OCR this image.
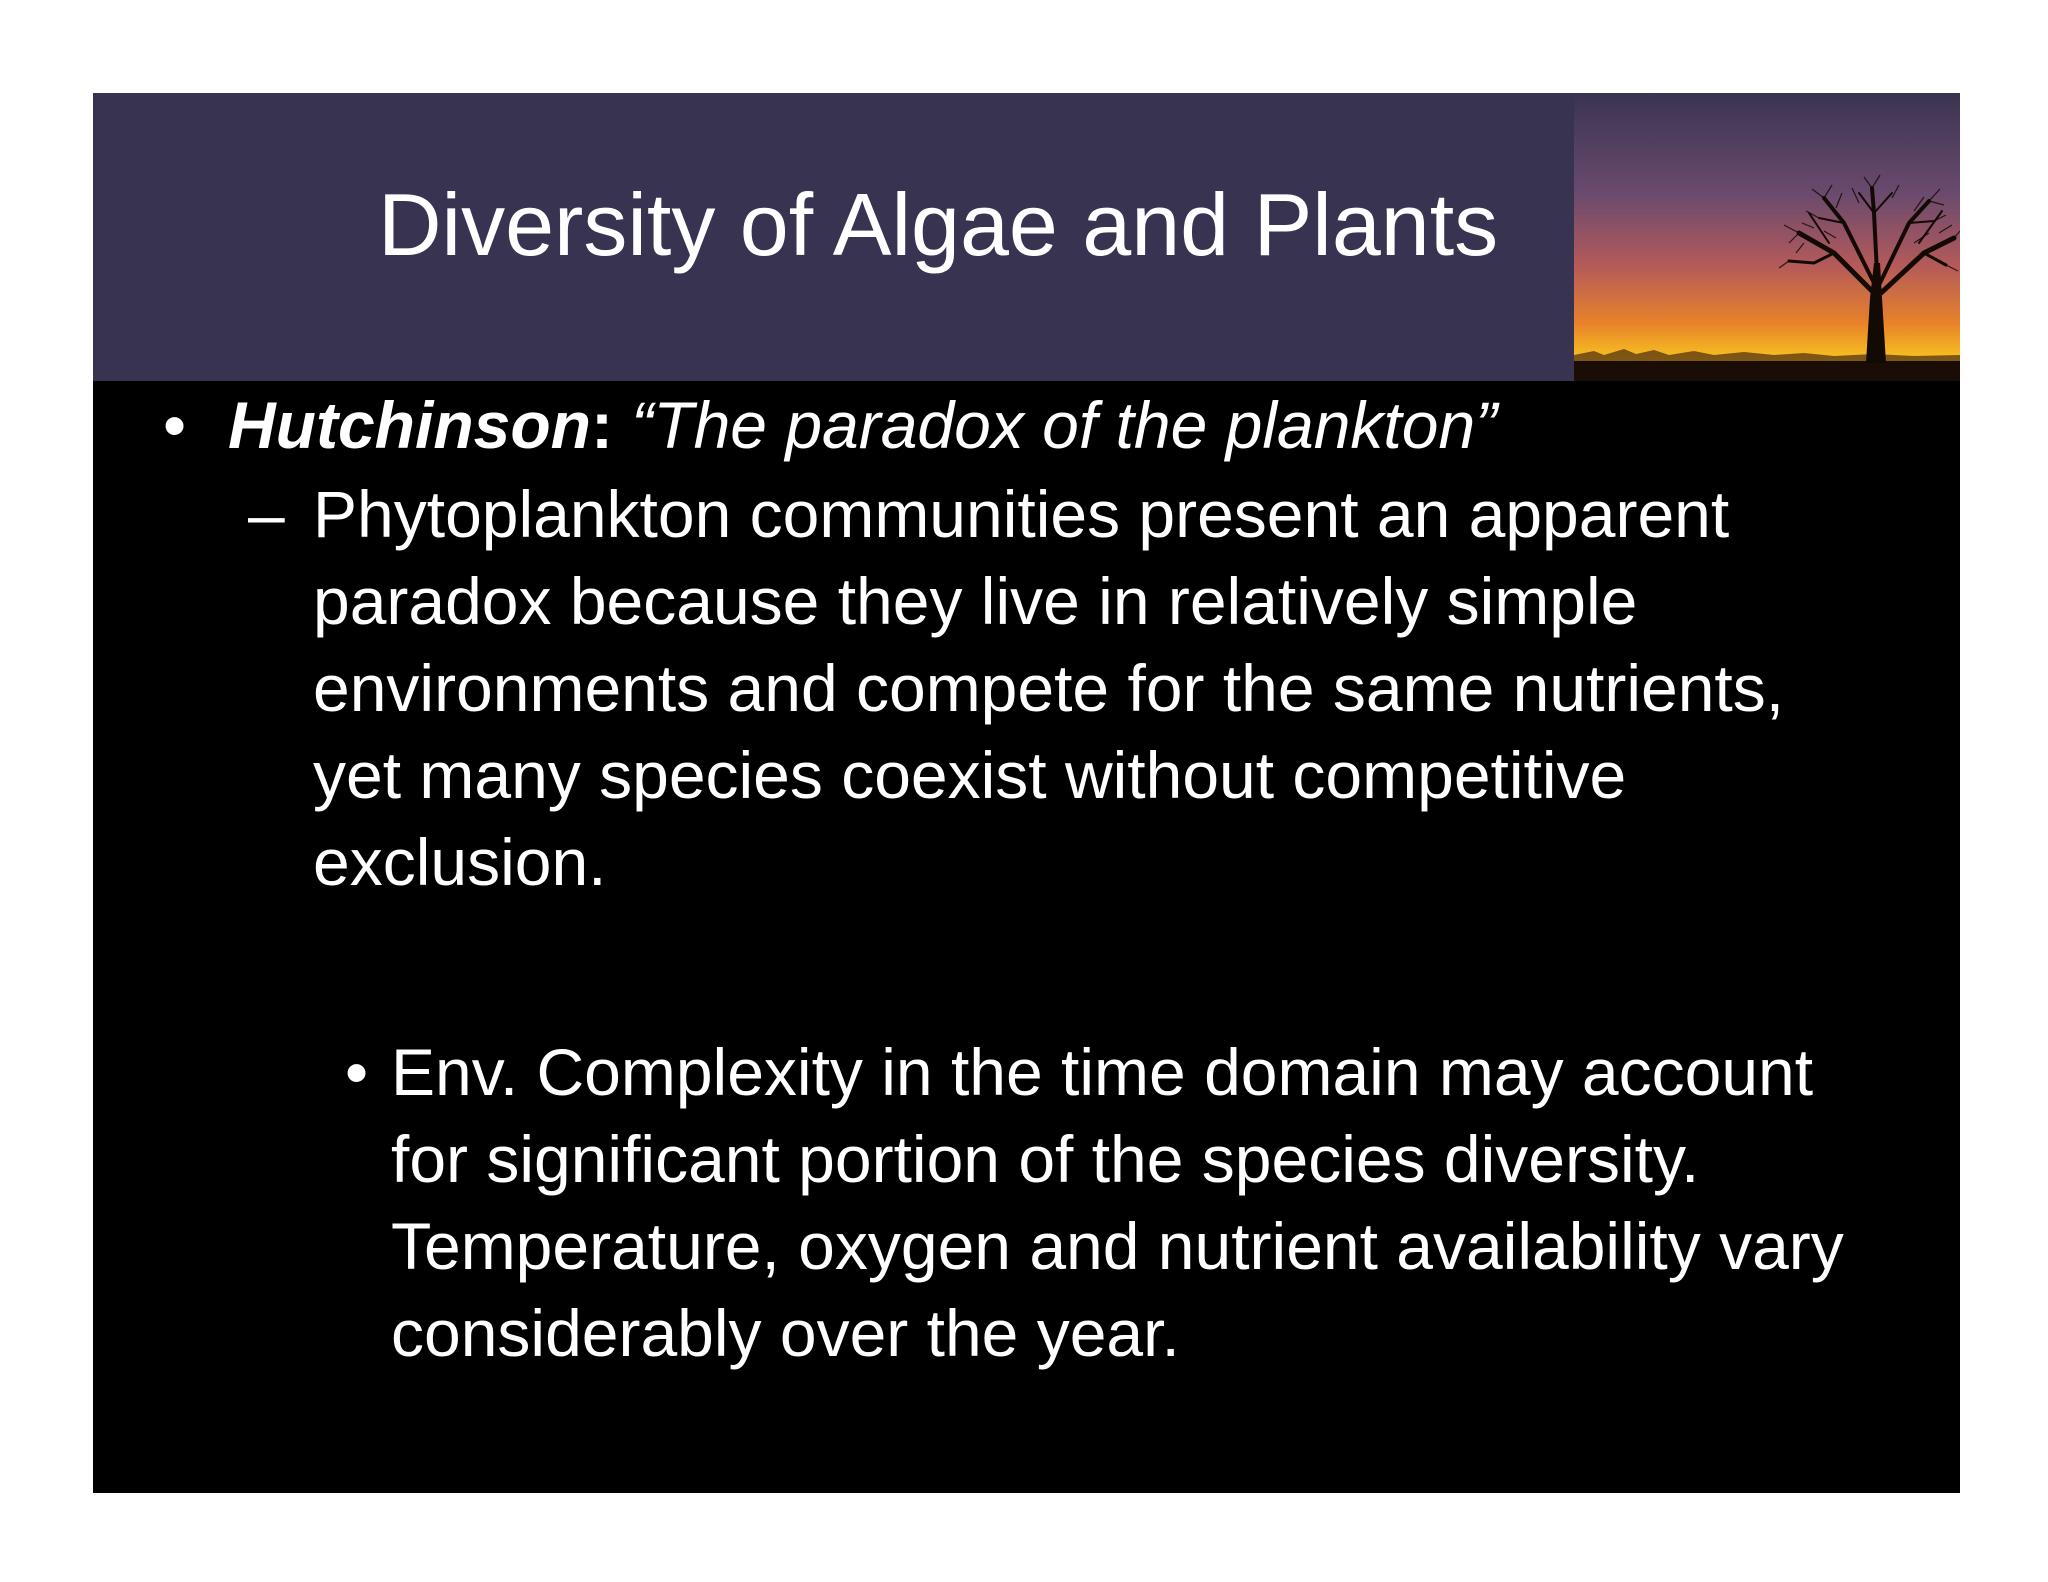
Diversity of Algae and Plants
• Hutchinson: “The paradox of the plankton”
– Phytoplankton communities present an apparent paradox because they live in relatively simple environments and compete for the same nutrients, yet many species coexist without competitive exclusion.
• Env. Complexity in the time domain may account for significant portion of the species diversity. Temperature, oxygen and nutrient availability vary considerably over the year.
